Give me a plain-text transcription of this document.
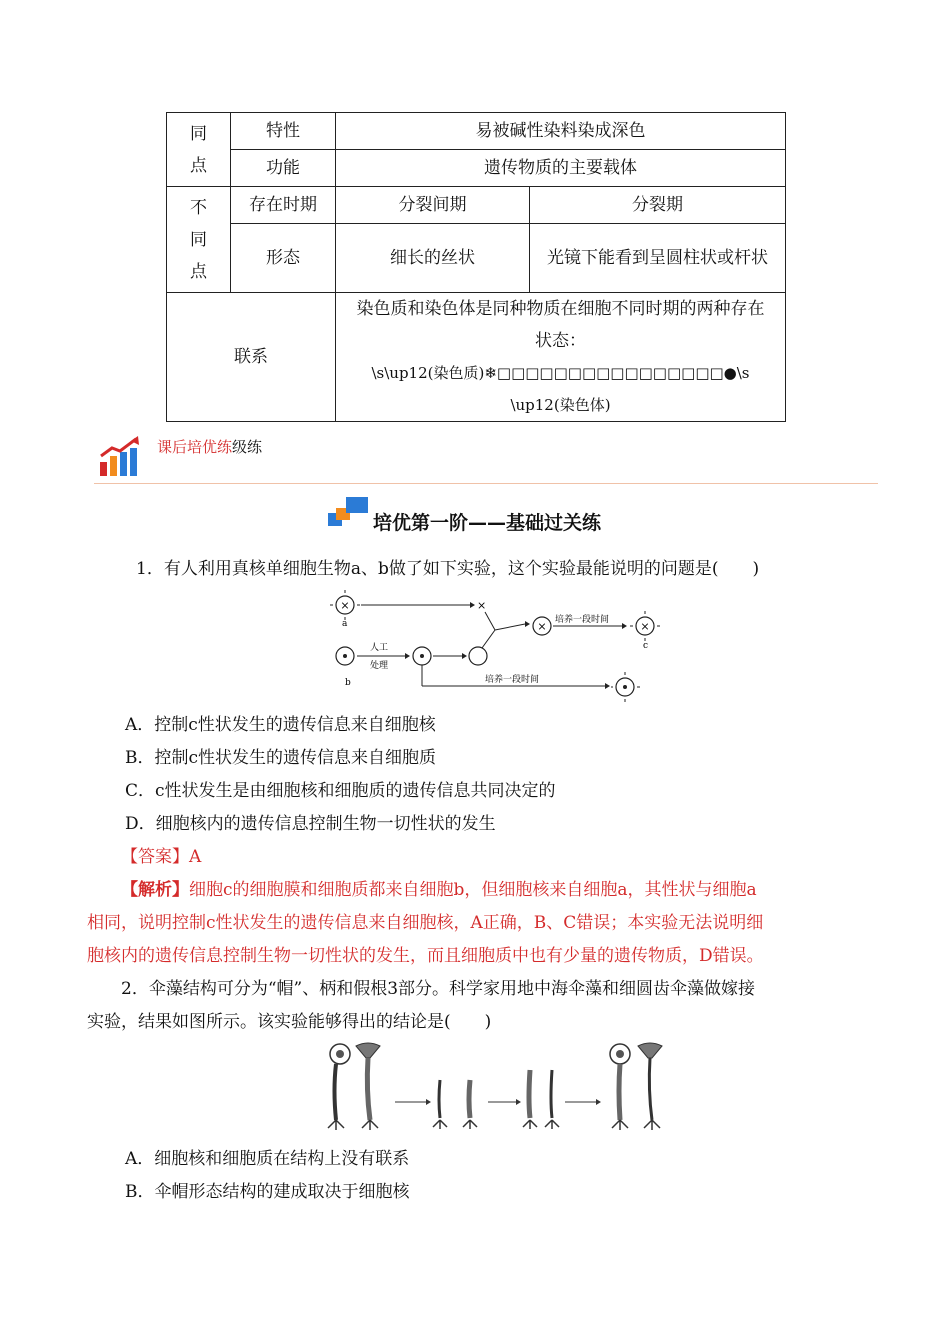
同点	特性	易被碱性染料染成深色	
	功能	遗传物质的主要载体	
不同点	存在时期	分裂间期	分裂期
	形态	细长的丝状	光镜下能看到呈圆柱状或杆状
联系		染色质和染色体是同种物质在细胞不同时期的两种存在状态：
\s\up12(染色质)❄□□□□□□□□□□□□□□□□●\s\up12(染色体)	
课后培优练级练
培优第一阶——基础过关练
1．有人利用真核单细胞生物a、b做了如下实验，这个实验最能说明的问题是(　　)
×
a
×
× 培养一段时间	×
c
b
人工
处理
培养一段时间
A．控制c性状发生的遗传信息来自细胞核
B．控制c性状发生的遗传信息来自细胞质
C．c性状发生是由细胞核和细胞质的遗传信息共同决定的
D．细胞核内的遗传信息控制生物一切性状的发生
【答案】A
【解析】细胞c的细胞膜和细胞质都来自细胞b，但细胞核来自细胞a，其性状与细胞a
相同，说明控制c性状发生的遗传信息来自细胞核，A正确，B、C错误；本实验无法说明细
胞核内的遗传信息控制生物一切性状的发生，而且细胞质中也有少量的遗传物质，D错误。
2．伞藻结构可分为“帽”、柄和假根3部分。科学家用地中海伞藻和细圆齿伞藻做嫁接
实验，结果如图所示。该实验能够得出的结论是(　　)
A．细胞核和细胞质在结构上没有联系
B．伞帽形态结构的建成取决于细胞核
